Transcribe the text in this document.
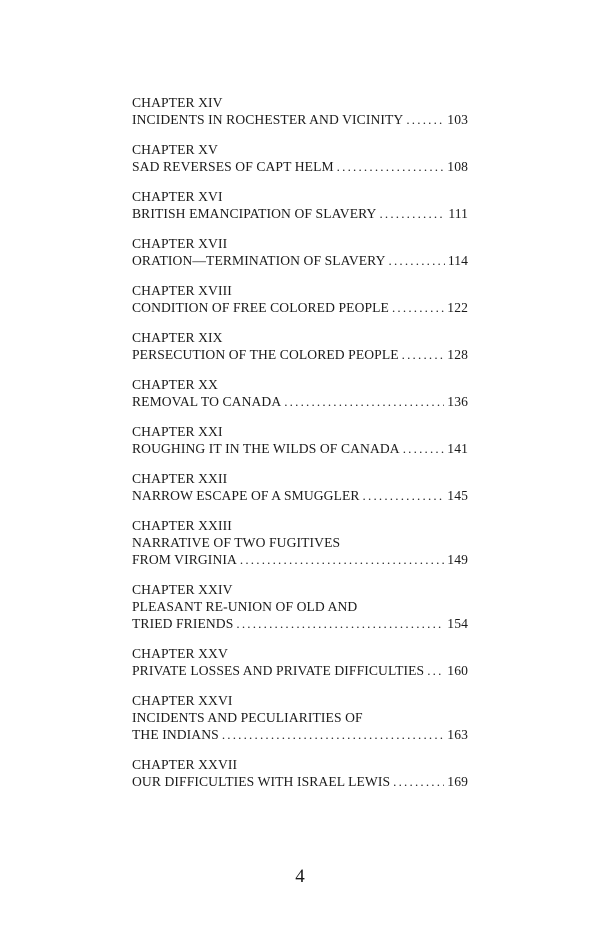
CHAPTER XIV
INCIDENTS IN ROCHESTER AND VICINITY .....	103
CHAPTER XV
SAD REVERSES OF CAPT HELM .....	108
CHAPTER XVI
BRITISH EMANCIPATION OF SLAVERY .....	111
CHAPTER XVII
ORATION—TERMINATION OF SLAVERY .....	114
CHAPTER XVIII
CONDITION OF FREE COLORED PEOPLE .....	122
CHAPTER XIX
PERSECUTION OF THE COLORED PEOPLE .....	128
CHAPTER XX
REMOVAL TO CANADA .....	136
CHAPTER XXI
ROUGHING IT IN THE WILDS OF CANADA .....	141
CHAPTER XXII
NARROW ESCAPE OF A SMUGGLER .....	145
CHAPTER XXIII
NARRATIVE OF TWO FUGITIVES
FROM VIRGINIA .....	149
CHAPTER XXIV
PLEASANT RE-UNION OF OLD AND
TRIED FRIENDS .....	154
CHAPTER XXV
PRIVATE LOSSES AND PRIVATE DIFFICULTIES ..... 160
CHAPTER XXVI
INCIDENTS AND PECULIARITIES OF
THE INDIANS .....	163
CHAPTER XXVII
OUR DIFFICULTIES WITH ISRAEL LEWIS .....	169
4
